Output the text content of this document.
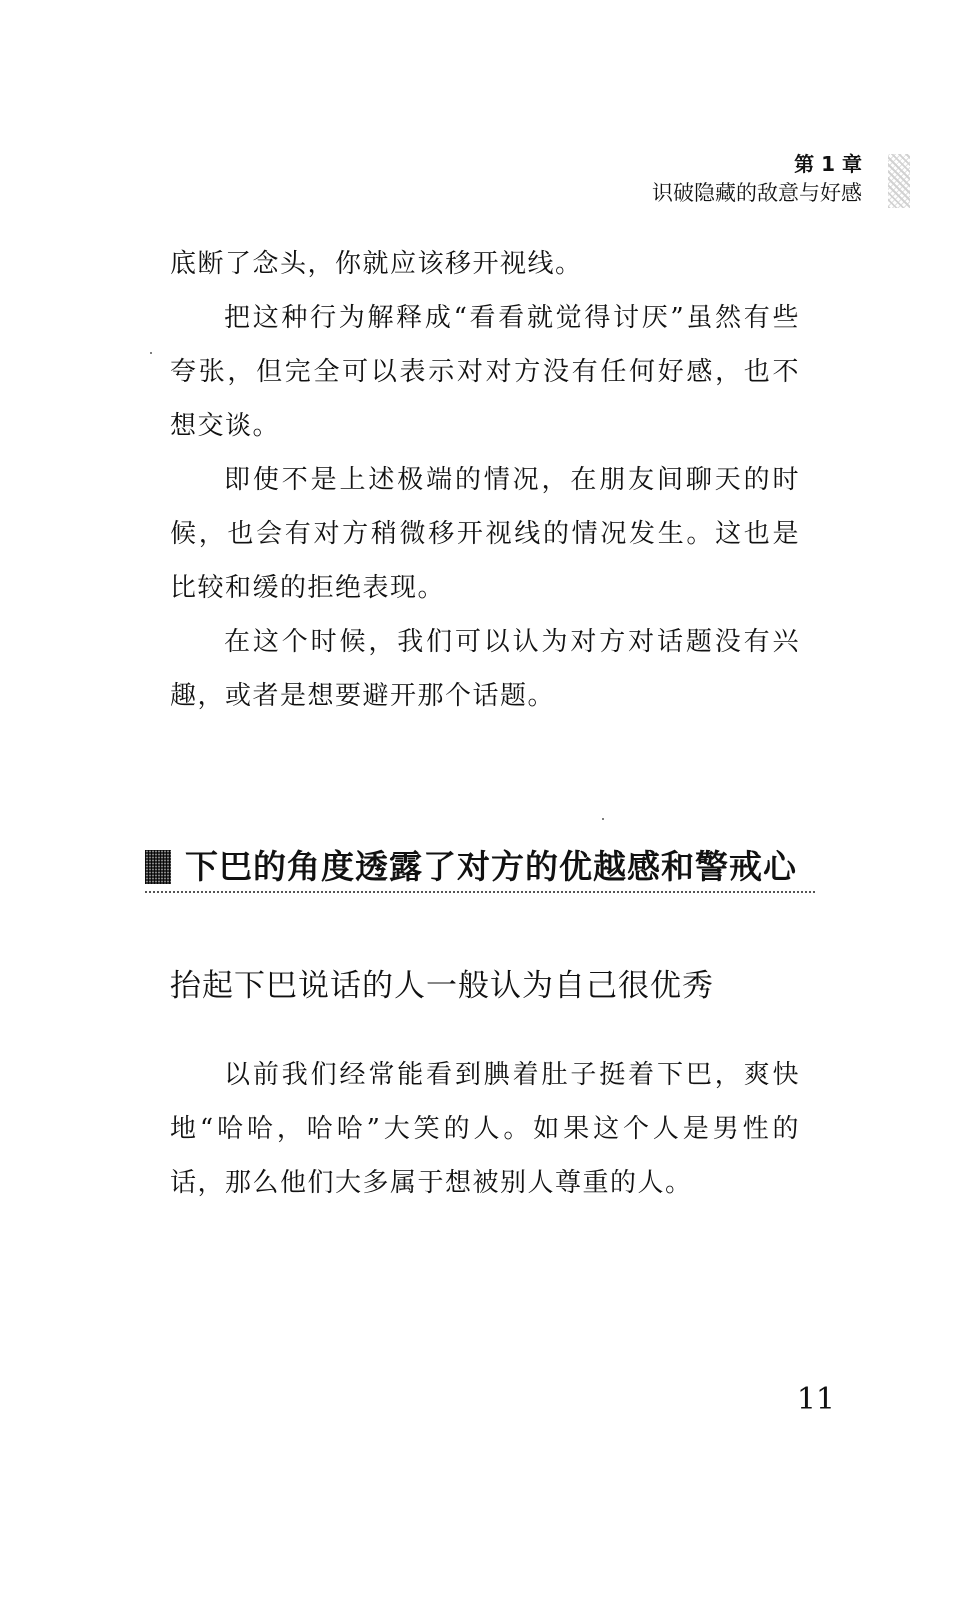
第 1 章
识破隐藏的敌意与好感

底断了念头，你就应该移开视线。

把这种行为解释成“看看就觉得讨厌”虽然有些夸张，但完全可以表示对对方没有任何好感，也不想交谈。

即使不是上述极端的情况，在朋友间聊天的时候，也会有对方稍微移开视线的情况发生。这也是比较和缓的拒绝表现。

在这个时候，我们可以认为对方对话题没有兴趣，或者是想要避开那个话题。

下巴的角度透露了对方的优越感和警戒心
抬起下巴说话的人一般认为自己很优秀

以前我们经常能看到腆着肚子挺着下巴，爽快地“哈哈，哈哈”大笑的人。如果这个人是男性的话，那么他们大多属于想被别人尊重的人。

11
